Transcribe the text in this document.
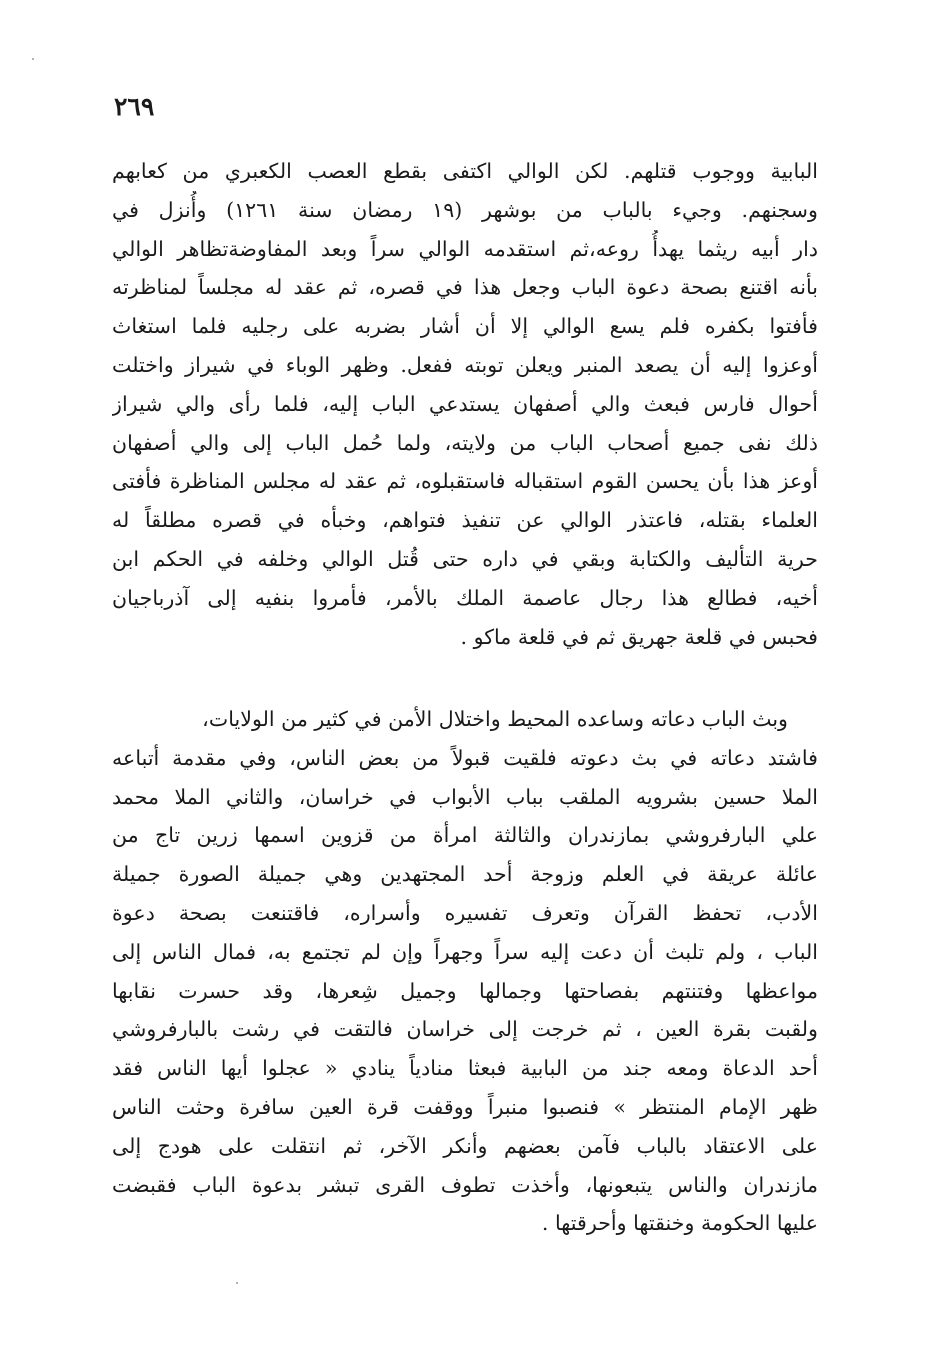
٢٦٩
البابية ووجوب قتلهم. لكن الوالي اكتفى بقطع العصب الكعبري من كعابهم
وسجنهم. وجيء بالباب من بوشهر (١٩ رمضان سنة ١٢٦١) وأُنزل في
دار أبيه ريثما يهدأُ روعه،ثم استقدمه الوالي سراً وبعد المفاوضةتظاهر الوالي
بأنه اقتنع بصحة دعوة الباب وجعل هذا في قصره، ثم عقد له مجلساً لمناظرته
فأفتوا بكفره فلم يسع الوالي إلا أن أشار بضربه على رجليه فلما استغاث
أوعزوا إليه أن يصعد المنبر ويعلن توبته ففعل. وظهر الوباء في شيراز واختلت
أحوال فارس فبعث والي أصفهان يستدعي الباب إليه، فلما رأى والي شيراز
ذلك نفى جميع أصحاب الباب من ولايته، ولما حُمل الباب إلى والي أصفهان
أوعز هذا بأن يحسن القوم استقباله فاستقبلوه، ثم عقد له مجلس المناظرة فأفتى
العلماء بقتله، فاعتذر الوالي عن تنفيذ فتواهم، وخبأه في قصره مطلقاً له
حرية التأليف والكتابة وبقي في داره حتى قُتل الوالي وخلفه في الحكم ابن
أخيه، فطالع هذا رجال عاصمة الملك بالأمر، فأمروا بنفيه إلى آذرباجيان
فحبس في قلعة جهريق ثم في قلعة ماكو .
وبث الباب دعاته وساعده المحيط واختلال الأمن في كثير من الولايات،
فاشتد دعاته في بث دعوته فلقيت قبولاً من بعض الناس، وفي مقدمة أتباعه
الملا حسين بشرويه الملقب بباب الأبواب في خراسان، والثاني الملا محمد
علي البارفروشي بمازندران والثالثة امرأة من قزوين اسمها زرين تاج من
عائلة عريقة في العلم وزوجة أحد المجتهدين وهي جميلة الصورة جميلة
الأدب، تحفظ القرآن وتعرف تفسيره وأسراره، فاقتنعت بصحة دعوة
الباب ، ولم تلبث أن دعت إليه سراً وجهراً وإن لم تجتمع به، فمال الناس إلى
مواعظها وفتنتهم بفصاحتها وجمالها وجميل شِعرها، وقد حسرت نقابها
ولقبت بقرة العين ، ثم خرجت إلى خراسان فالتقت في رشت بالبارفروشي
أحد الدعاة ومعه جند من البابية فبعثا منادياً ينادي « عجلوا أيها الناس فقد
ظهر الإمام المنتظر » فنصبوا منبراً ووقفت قرة العين سافرة وحثت الناس
على الاعتقاد بالباب فآمن بعضهم وأنكر الآخر، ثم انتقلت على هودج إلى
مازندران والناس يتبعونها، وأخذت تطوف القرى تبشر بدعوة الباب فقبضت
عليها الحكومة وخنقتها وأحرقتها .
